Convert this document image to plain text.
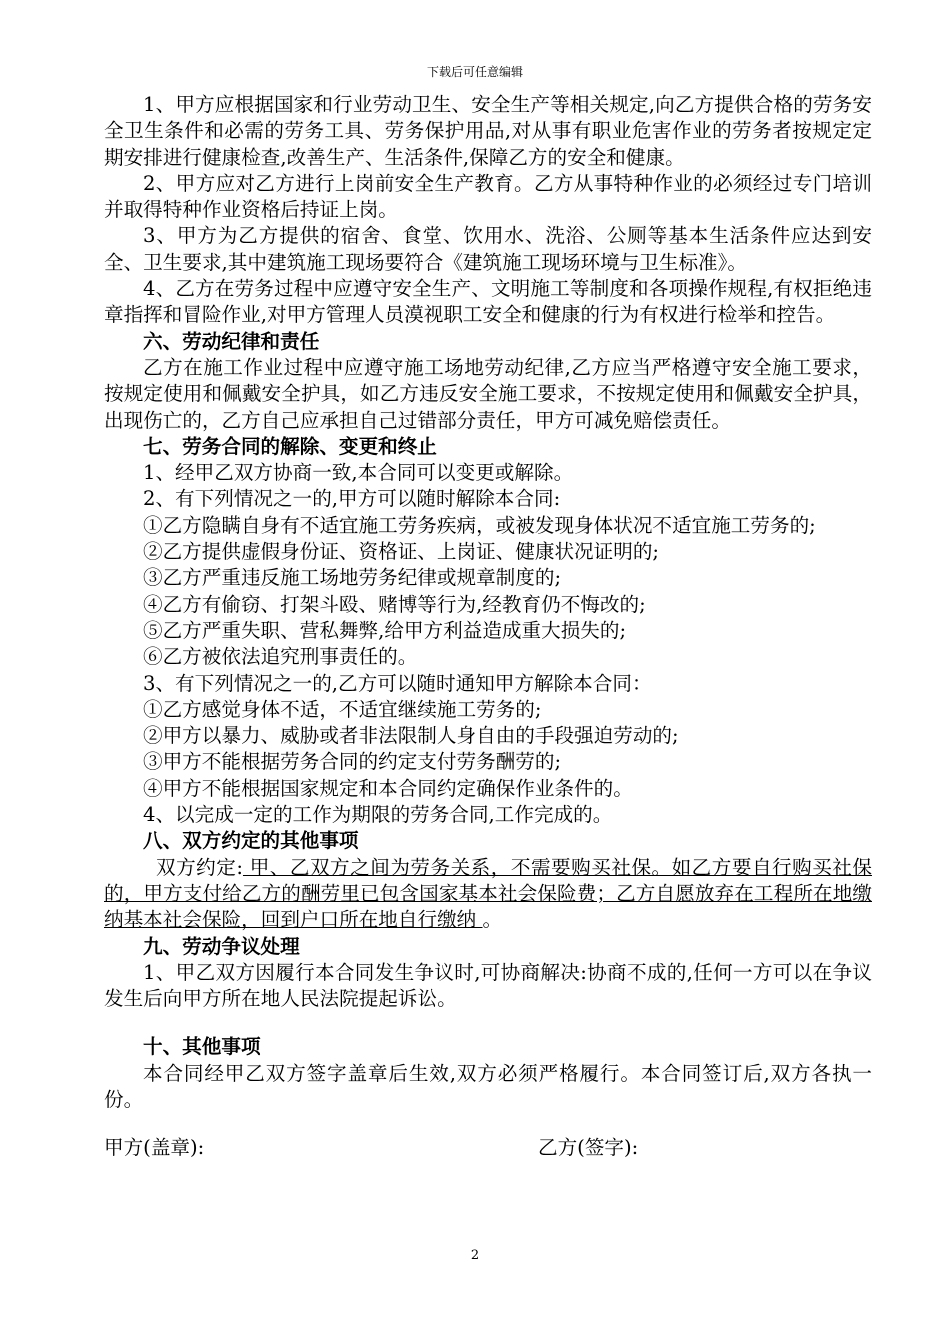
下载后可任意编辑

1、甲方应根据国家和行业劳动卫生、安全生产等相关规定,向乙方提供合格的劳务安全卫生条件和必需的劳务工具、劳务保护用品,对从事有职业危害作业的劳务者按规定定期安排进行健康检查,改善生产、生活条件,保障乙方的安全和健康。

2、甲方应对乙方进行上岗前安全生产教育。乙方从事特种作业的必须经过专门培训并取得特种作业资格后持证上岗。

3、甲方为乙方提供的宿舍、食堂、饮用水、洗浴、公厕等基本生活条件应达到安全、卫生要求,其中建筑施工现场要符合《建筑施工现场环境与卫生标准》。

4、乙方在劳务过程中应遵守安全生产、文明施工等制度和各项操作规程,有权拒绝违章指挥和冒险作业,对甲方管理人员漠视职工安全和健康的行为有权进行检举和控告。

六、劳动纪律和责任

乙方在施工作业过程中应遵守施工场地劳动纪律,乙方应当严格遵守安全施工要求，按规定使用和佩戴安全护具，如乙方违反安全施工要求，不按规定使用和佩戴安全护具，出现伤亡的，乙方自己应承担自己过错部分责任，甲方可减免赔偿责任。

七、劳务合同的解除、变更和终止

1、经甲乙双方协商一致,本合同可以变更或解除。

2、有下列情况之一的,甲方可以随时解除本合同:

①乙方隐瞒自身有不适宜施工劳务疾病，或被发现身体状况不适宜施工劳务的;

②乙方提供虚假身份证、资格证、上岗证、健康状况证明的;

③乙方严重违反施工场地劳务纪律或规章制度的;

④乙方有偷窃、打架斗殴、赌博等行为,经教育仍不悔改的;

⑤乙方严重失职、营私舞弊,给甲方利益造成重大损失的;

⑥乙方被依法追究刑事责任的。

3、有下列情况之一的,乙方可以随时通知甲方解除本合同：

①乙方感觉身体不适，不适宜继续施工劳务的;

②甲方以暴力、威胁或者非法限制人身自由的手段强迫劳动的;

③甲方不能根据劳务合同的约定支付劳务酬劳的;

④甲方不能根据国家规定和本合同约定确保作业条件的。

4、以完成一定的工作为期限的劳务合同,工作完成的。

八、双方约定的其他事项

双方约定: 甲、乙双方之间为劳务关系，不需要购买社保。如乙方要自行购买社保的，甲方支付给乙方的酬劳里已包含国家基本社会保险费；乙方自愿放弃在工程所在地缴纳基本社会保险，回到户口所在地自行缴纳 。

九、劳动争议处理

1、甲乙双方因履行本合同发生争议时,可协商解决:协商不成的,任何一方可以在争议发生后向甲方所在地人民法院提起诉讼。

十、其他事项

本合同经甲乙双方签字盖章后生效,双方必须严格履行。本合同签订后,双方各执一份。

甲方(盖章):	乙方(签字):
2
